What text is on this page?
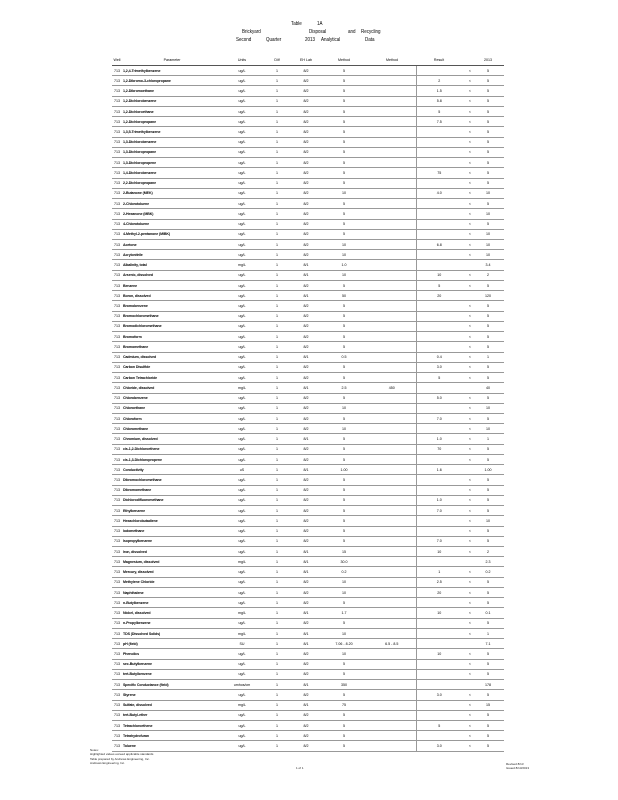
Table	1A
Brickyard	Disposal	and Recycling
Second	Quarter	2013 Analytical	Data
Well	Parameter	Units	Dilf	EH Lab	Method	Method	Result		2013
713	1,2,4-Trimethylbenzene	ug/L	1	8/2	5			<	5
713	1,2-Dibromo-3-chloropropane	ug/L	1	8/2	5		2	<	5
713	1,2-Dibromoethane	ug/L	1	8/2	5		1.5	<	5
713	1,2-Dichlorobenzene	ug/L	1	8/2	5		5.8	<	5
713	1,2-Dichloroethane	ug/L	1	8/2	5		5	<	5
713	1,2-Dichloropropane	ug/L	1	8/2	5		7.5	<	5
713	1,3,5-Trimethylbenzene	ug/L	1	8/2	5			<	5
713	1,3-Dichlorobenzene	ug/L	1	8/2	5			<	5
713	1,3-Dichloropropane	ug/L	1	8/2	5			<	5
713	1,3-Dichloropropene	ug/L	1	8/2	5			<	5
713	1,4-Dichlorobenzene	ug/L	1	8/2	5		75	<	5
713	2,2-Dichloropropane	ug/L	1	8/2	5			<	5
713	2-Butanone (MEK)	ug/L	1	8/2	10		4.0	<	10
713	2-Chlorotoluene	ug/L	1	8/2	5			<	5
713	2-Hexanone (MBK)	ug/L	1	8/2	5			<	10
713	4-Chlorotoluene	ug/L	1	8/2	5			<	5
713	4-Methyl-2-pentanone (MIBK)	ug/L	1	8/2	5			<	10
713	Acetone	ug/L	1	8/2	10		6.8	<	10
713	Acrylonitrile	ug/L	1	8/2	10			<	10
713	Alkalinity, total	mg/L	1	8/1	1.0				3.4
713	Arsenic, dissolved	ug/L	1	8/1	10		10	<	2
713	Benzene	ug/L	1	8/2	5		5	<	5
713	Boron, dissolved	ug/L	1	8/1	50		20		120
713	Bromobenzene	ug/L	1	8/2	5			<	5
713	Bromochloromethane	ug/L	1	8/2	5			<	5
713	Bromodichloromethane	ug/L	1	8/2	5			<	5
713	Bromoform	ug/L	1	8/2	5			<	5
713	Bromomethane	ug/L	1	8/2	5			<	5
713	Cadmium, dissolved	ug/L	1	8/1	0.5		0.4	<	1
713	Carbon Disulfide	ug/L	1	8/2	5		3.0	<	5
713	Carbon Tetrachloride	ug/L	1	8/2	5		5	<	5
713	Chloride, dissolved	mg/L	1	8/1	2.5	450			40
713	Chlorobenzene	ug/L	1	8/2	5		5.0	<	5
713	Chloroethane	ug/L	1	8/2	10			<	10
713	Chloroform	ug/L	1	8/2	5		7.0	<	5
713	Chloromethane	ug/L	1	8/2	10			<	10
713	Chromium, dissolved	ug/L	1	8/1	5		1.0	<	1
713	cis-1,2-Dichloroethene	ug/L	1	8/2	5		70	<	5
713	cis-1,3-Dichloropropene	ug/L	1	8/2	5			<	5
713	Conductivity	uS	1	8/1	1.00		1.6		1.00
713	Dibromochloromethane	ug/L	1	8/2	5			<	5
713	Dibromomethane	ug/L	1	8/2	5			<	5
713	Dichlorodifluoromethane	ug/L	1	8/2	5		1.0	<	5
713	Ethylbenzene	ug/L	1	8/2	5		7.0	<	5
713	Hexachlorobutadiene	ug/L	1	8/2	5			<	10
713	Iodomethane	ug/L	1	8/2	5			<	5
713	Isopropylbenzene	ug/L	1	8/2	5		7.0	<	5
713	Iron, dissolved	ug/L	1	8/1	15		10	<	2
713	Magnesium, dissolved	mg/L	1	8/1	30.0				2.3
713	Mercury, dissolved	ug/L	1	8/1	0.2		1	<	0.2
713	Methylene Chloride	ug/L	1	8/2	10		2.5	<	5
713	Naphthalene	ug/L	1	8/2	10		20	<	5
713	n-Butylbenzene	ug/L	1	8/2	5			<	5
713	Nickel, dissolved	mg/L	1	8/1	1.7		10	<	0.1
713	n-Propylbenzene	ug/L	1	8/2	5			<	5
713	TDS (Dissolved Solids)	mg/L	1	8/1	10			<	1
713	pH (field)	SU	1	8/1	7.06 - 8.20	6.5 - 8.5			7.1
713	Phenolics	ug/L	1	8/2	10		10	<	5
713	sec-Butylbenzene	ug/L	1	8/2	5			<	5
713	tert-Butylbenzene	ug/L	1	8/2	5			<	5
713	Specific Conductance (field)	umhos/cm	1	8/1	350				178
713	Styrene	ug/L	1	8/2	5		3.0	<	5
713	Sulfate, dissolved	mg/L	1	8/1	75			<	15
713	tert-Butyl-ether	ug/L	1	8/2	5			<	5
713	Tetrachloroethene	ug/L	1	8/2	5		5	<	5
713	Tetrahydrofuran	ug/L	1	8/2	5			<	5
713	Toluene	ug/L	1	8/2	5		3.0	<	5
Notes:
Highlighted values exceed applicable standards
Table prepared by Andrews Engineering, Inc.
Andrews Engineering, Inc.
1 of 1
Revised 8/13
Issued 8/13/2013
